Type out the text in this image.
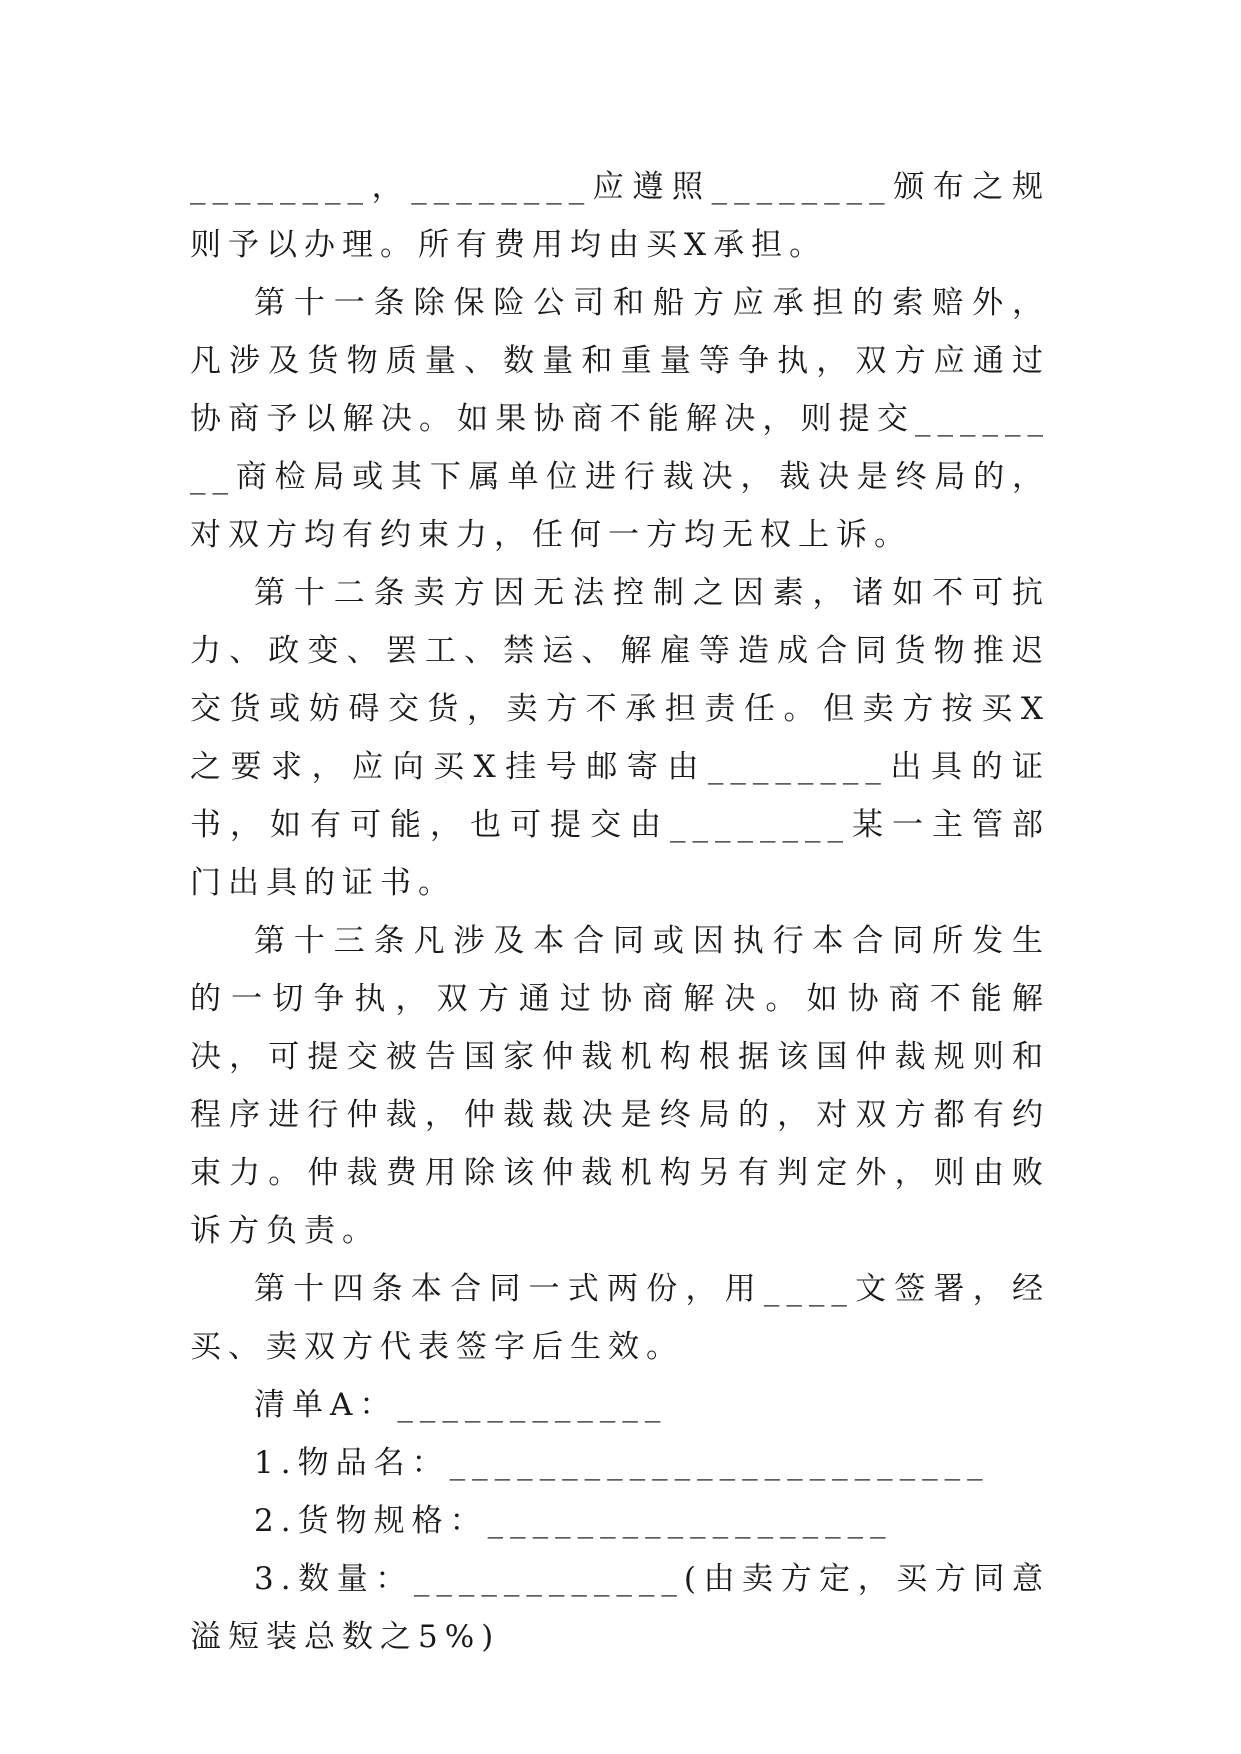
________，________应遵照________颁布之规则予以办理。所有费用均由买X承担。

第十一条除保险公司和船方应承担的索赔外，凡涉及货物质量、数量和重量等争执，双方应通过协商予以解决。如果协商不能解决，则提交________商检局或其下属单位进行裁决，裁决是终局的，对双方均有约束力，任何一方均无权上诉。

第十二条卖方因无法控制之因素，诸如不可抗力、政变、罢工、禁运、解雇等造成合同货物推迟交货或妨碍交货，卖方不承担责任。但卖方按买X之要求，应向买X挂号邮寄由________出具的证书，如有可能，也可提交由________某一主管部门出具的证书。

第十三条凡涉及本合同或因执行本合同所发生的一切争执，双方通过协商解决。如协商不能解决，可提交被告国家仲裁机构根据该国仲裁规则和程序进行仲裁，仲裁裁决是终局的，对双方都有约束力。仲裁费用除该仲裁机构另有判定外，则由败诉方负责。

第十四条本合同一式两份，用____文签署，经买、卖双方代表签字后生效。

清单A：____________

1.物品名：________________________

2.货物规格：__________________

3.数量：____________(由卖方定，买方同意溢短装总数之5%)
